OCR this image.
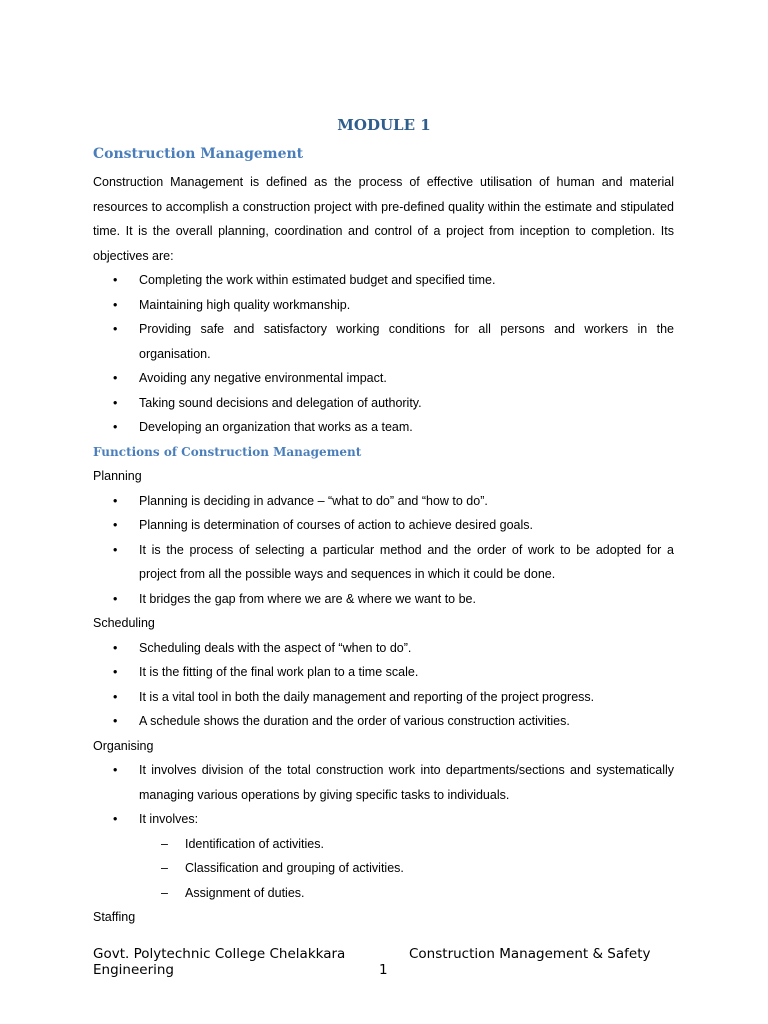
MODULE 1
Construction Management

Construction Management is defined as the process of effective utilisation of human and material resources to accomplish a construction project with pre-defined quality within the estimate and stipulated time. It is the overall planning, coordination and control of a project from inception to completion. Its objectives are:

• Completing the work within estimated budget and specified time.
• Maintaining high quality workmanship.
• Providing safe and satisfactory working conditions for all persons and workers in the organisation.
• Avoiding any negative environmental impact.
• Taking sound decisions and delegation of authority.
• Developing an organization that works as a team.
Functions of Construction Management

Planning

• Planning is deciding in advance – “what to do” and “how to do”.
• Planning is determination of courses of action to achieve desired goals.
• It is the process of selecting a particular method and the order of work to be adopted for a project from all the possible ways and sequences in which it could be done.
• It bridges the gap from where we are & where we want to be.

Scheduling

• Scheduling deals with the aspect of “when to do”.
• It is the fitting of the final work plan to a time scale.
• It is a vital tool in both the daily management and reporting of the project progress.
• A schedule shows the duration and the order of various construction activities.

Organising

• It involves division of the total construction work into departments/sections and systematically managing various operations by giving specific tasks to individuals.
• It involves:
– Identification of activities.
– Classification and grouping of activities.
– Assignment of duties.

Staffing

Govt. Polytechnic College Chelakkara	Construction Management & Safety
Engineering	1
